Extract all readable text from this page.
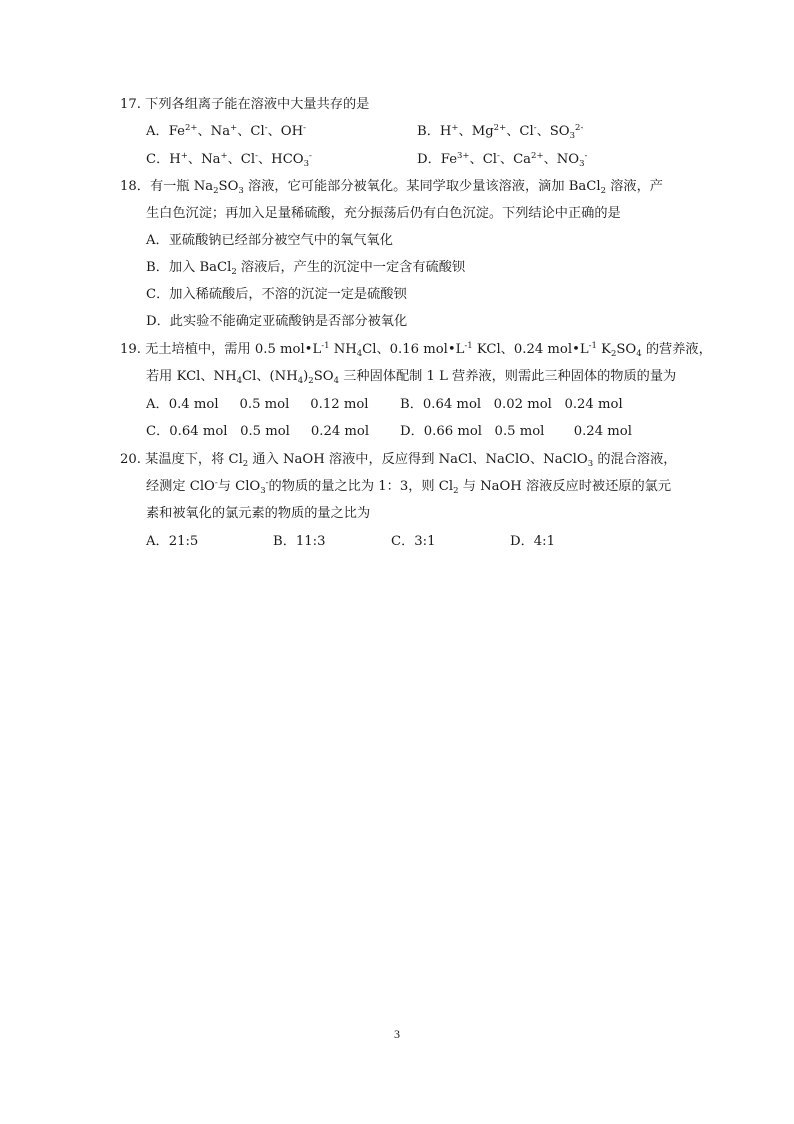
17. 下列各组离子能在溶液中大量共存的是
A．$Fe^{2+}$、Na+、Cl-、OH-	B．H+、$Mg^{2+}$、Cl-、$SO_3^{2-}$
C．H+、Na+、Cl-、$HCO_3^-$	D．$Fe^{3+}$、Cl-、$Ca^{2+}$、$NO_3^-$
18．有一瓶 $Na_2SO_3$ 溶液，它可能部分被氧化。某同学取少量该溶液，滴加 BaCl$_2$ 溶液，产
生白色沉淀；再加入足量稀硫酸，充分振荡后仍有白色沉淀。下列结论中正确的是
A．亚硫酸钠已经部分被空气中的氧气氧化
B．加入 BaCl$_2$ 溶液后，产生的沉淀中一定含有硫酸钡
C．加入稀硫酸后，不溶的沉淀一定是硫酸钡
D．此实验不能确定亚硫酸钠是否部分被氧化
19. 无土培植中，需用 0.5 $mol•L^{-1}$ $NH_4Cl$、0.16 $mol•L^{-1}$ KCl、0.24 $mol•L^{-1}$ $K_2SO_4$ 的营养液，
若用 KCl、$NH_4Cl$、$(NH_4)_2SO_4$ 三种固体配制 1 L 营养液，则需此三种固体的物质的量为
A．0.4 mol     0.5 mol     0.12 mol B．0.64 mol   0.02 mol   0.24 mol
C．0.64 mol   0.5 mol     0.24 mol D．0.66 mol   0.5 mol       0.24 mol
20. 某温度下，将 $Cl_2$ 通入 NaOH 溶液中，反应得到 NaCl、NaClO、NaClO$_3$ 的混合溶液，
经测定 ClO-与 ClO$_3$-的物质的量之比为 1：3，则 $Cl_2$ 与 NaOH 溶液反应时被还原的氯元
素和被氧化的氯元素的物质的量之比为
A．21:5	B．11:3	C．3:1	D．4:1
3
